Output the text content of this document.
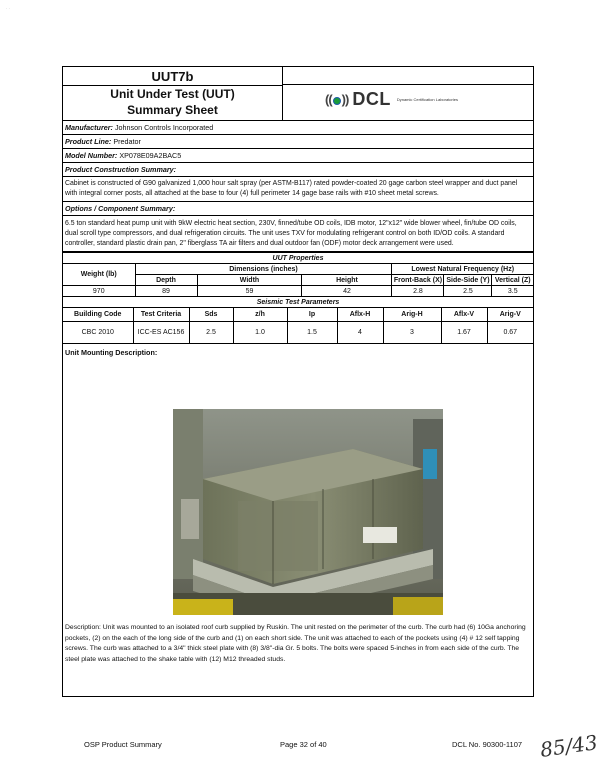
· ·
UUT7b
Unit Under Test (UUT)
Summary Sheet
(( )) DCL Dynamic Certification Laboratories
Manufacturer: Johnson Controls Incorporated
Product Line: Predator
Model Number: XP078E09A2BAC5
Product Construction Summary:
Cabinet is constructed of G90 galvanized 1,000 hour salt spray (per ASTM-B117) rated powder-coated 20 gage carbon steel wrapper and duct panel with integral corner posts, all attached at the base to four (4) full perimeter 14 gage base rails with #10 sheet metal screws.
Options / Component Summary:
6.5 ton standard heat pump unit with 9kW electric heat section, 230V, finned/tube OD coils, IDB motor, 12"x12" wide blower wheel, fin/tube OD coils, dual scroll type compressors, and dual refrigeration circuits. The unit uses TXV for modulating refrigerant control on both ID/OD coils. A standard controller, standard plastic drain pan, 2" fiberglass TA air filters and dual outdoor fan (ODF) motor deck arrangement were used.
UUT Properties						
Weight (lb)	Dimensions (inches)			Lowest Natural Frequency (Hz)		
	Depth	Width	Height	Front-Back (X)	Side-Side (Y)	Vertical (Z)
970	89	59	42	2.8	2.5	3.5
Seismic Test Parameters								
Building Code	Test Criteria	Sds	z/h	Ip	Aflx-H	Arig-H	Aflx-V	Arig-V
CBC 2010	ICC-ES AC156	2.5	1.0	1.5	4	3	1.67	0.67
Unit Mounting Description:
Description: Unit was mounted to an isolated roof curb supplied by Ruskin. The unit rested on the perimeter of the curb. The curb had (6) 10Ga anchoring pockets, (2) on the each of the long side of the curb and (1) on each short side. The unit was attached to each of the pockets using (4) # 12 self tapping screws. The curb was attached to a 3/4" thick steel plate with (8) 3/8"-dia Gr. 5 bolts. The bolts were spaced 5-inches in from each side of the curb. The steel plate was attached to the shake table with (12) M12 threaded studs.
OSP Product Summary	Page 32 of 40	DCL No. 90300-1107 85/43
